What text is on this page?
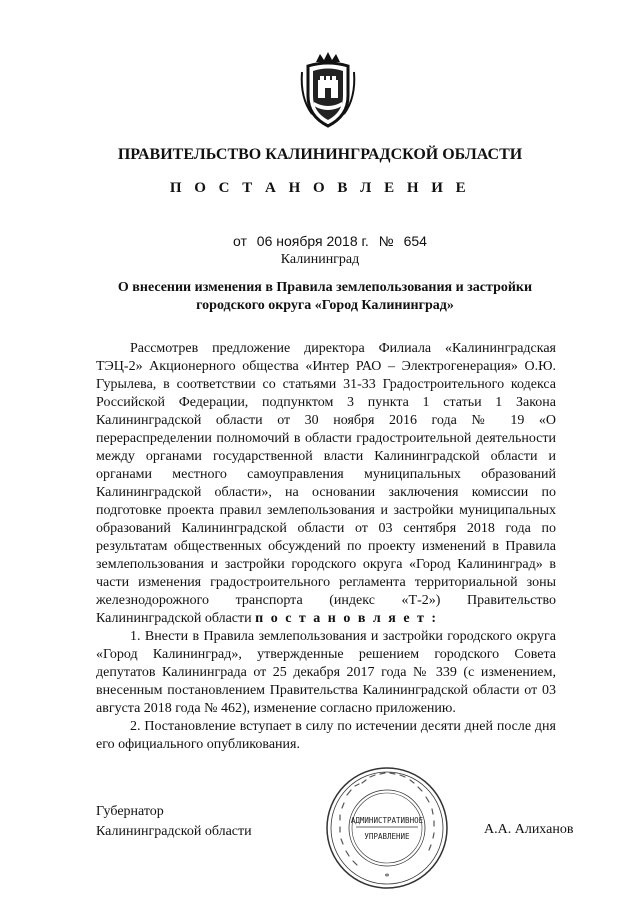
ПРАВИТЕЛЬСТВО КАЛИНИНГРАДСКОЙ ОБЛАСТИ
П О С Т А Н О В Л Е Н И Е
от 06 ноября 2018 г. № 654
Калининград
О внесении изменения в Правила землепользования и застройки
городского округа «Город Калининград»

Рассмотрев предложение директора Филиала «Калининградская ТЭЦ-2» Акционерного общества «Интер РАО – Электрогенерация» О.Ю. Гурылева, в соответствии со статьями 31-33 Градостроительного кодекса Российской Федерации, подпунктом 3 пункта 1 статьи 1 Закона Калининградской области от 30 ноября 2016 года № 19 «О перераспределении полномочий в области градостроительной деятельности между органами государственной власти Калининградской области и органами местного самоуправления муниципальных образований Калининградской области», на основании заключения комиссии по подготовке проекта правил землепользования и застройки муниципальных образований Калининградской области от 03 сентября 2018 года по результатам общественных обсуждений по проекту изменений в Правила землепользования и застройки городского округа «Город Калининград» в части изменения градостроительного регламента территориальной зоны железнодорожного транспорта (индекс «Т-2») Правительство Калининградской области п о с т а н о в л я е т :

1. Внести в Правила землепользования и застройки городского округа «Город Калининград», утвержденные решением городского Совета депутатов Калининграда от 25 декабря 2017 года № 339 (с изменением, внесенным постановлением Правительства Калининградской области от 03 августа 2018 года № 462), изменение согласно приложению.

2. Постановление вступает в силу по истечении десяти дней после дня его официального опубликования.

Губернатор
Калининградской области
АДМИНИСТРАТИВНОЕ
УПРАВЛЕНИЕ
*
А.А. Алиханов
